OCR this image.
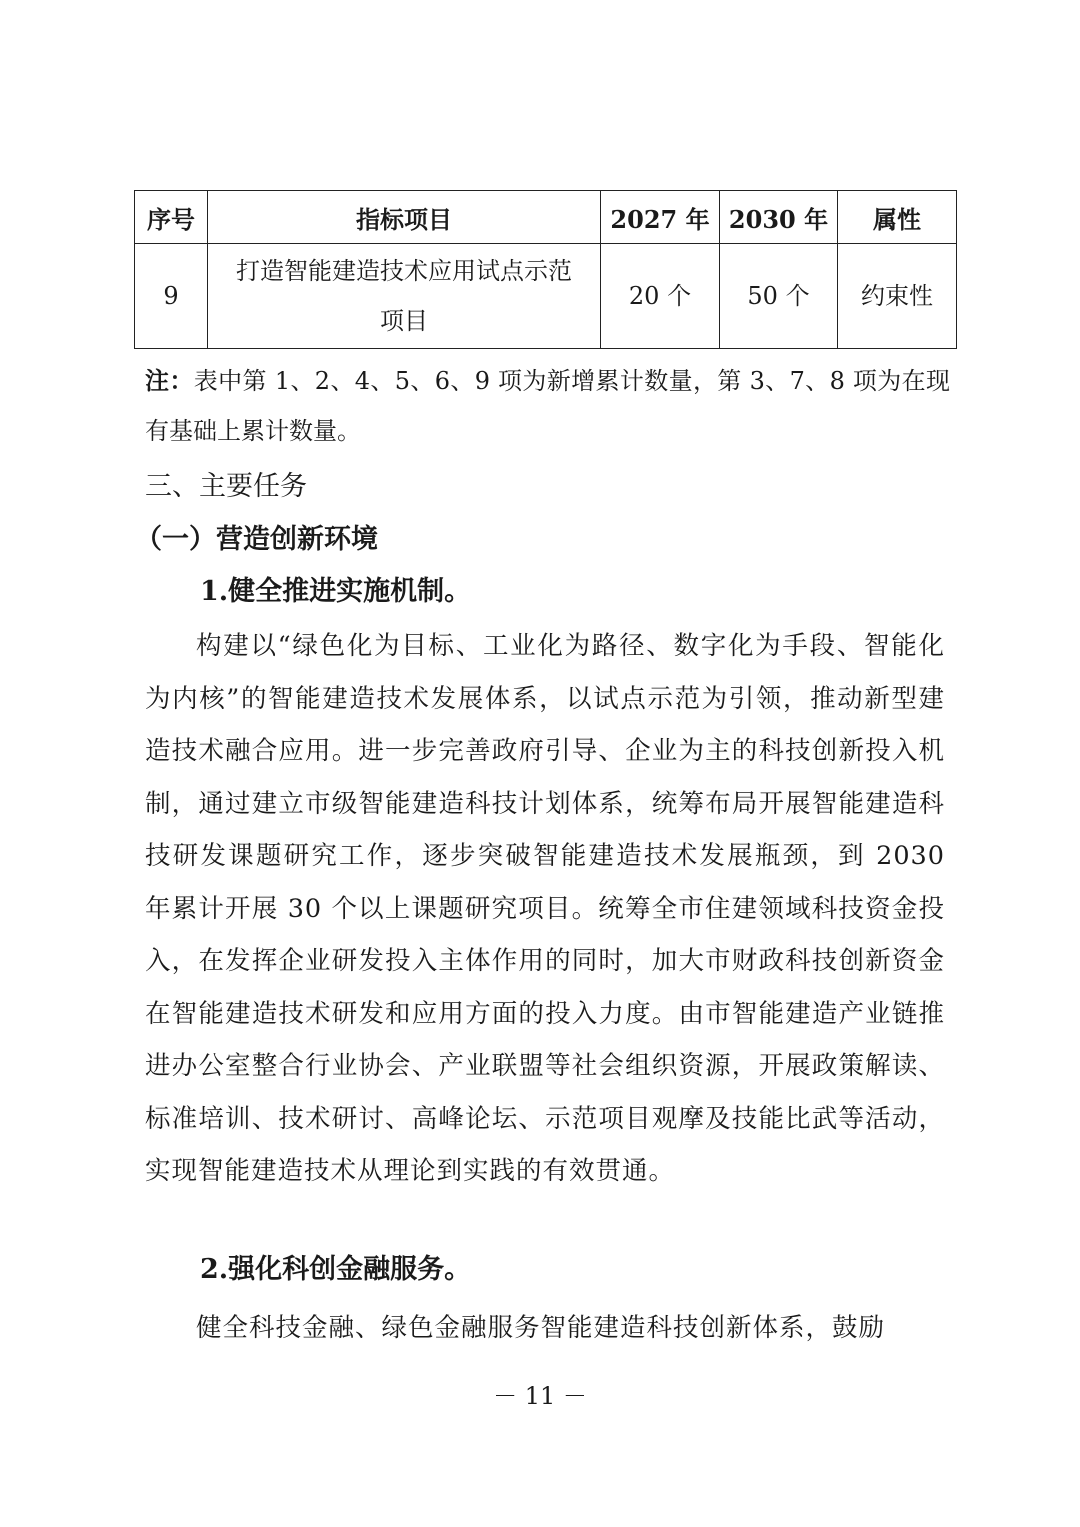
序号	指标项目	2027 年	2030 年	属性
9	打造智能建造技术应用试点示范项目	20 个	50 个	约束性
注：表中第 1、2、4、5、6、9 项为新增累计数量，第 3、7、8 项为在现有基础上累计数量。
三、主要任务
（一）营造创新环境
1.健全推进实施机制。
构建以“绿色化为目标、工业化为路径、数字化为手段、智能化为内核”的智能建造技术发展体系，以试点示范为引领，推动新型建造技术融合应用。进一步完善政府引导、企业为主的科技创新投入机制，通过建立市级智能建造科技计划体系，统筹布局开展智能建造科技研发课题研究工作，逐步突破智能建造技术发展瓶颈，到 2030 年累计开展 30 个以上课题研究项目。统筹全市住建领域科技资金投入，在发挥企业研发投入主体作用的同时，加大市财政科技创新资金在智能建造技术研发和应用方面的投入力度。由市智能建造产业链推进办公室整合行业协会、产业联盟等社会组织资源，开展政策解读、标准培训、技术研讨、高峰论坛、示范项目观摩及技能比武等活动，实现智能建造技术从理论到实践的有效贯通。
2.强化科创金融服务。
健全科技金融、绿色金融服务智能建造科技创新体系，鼓励
－ 11 －
